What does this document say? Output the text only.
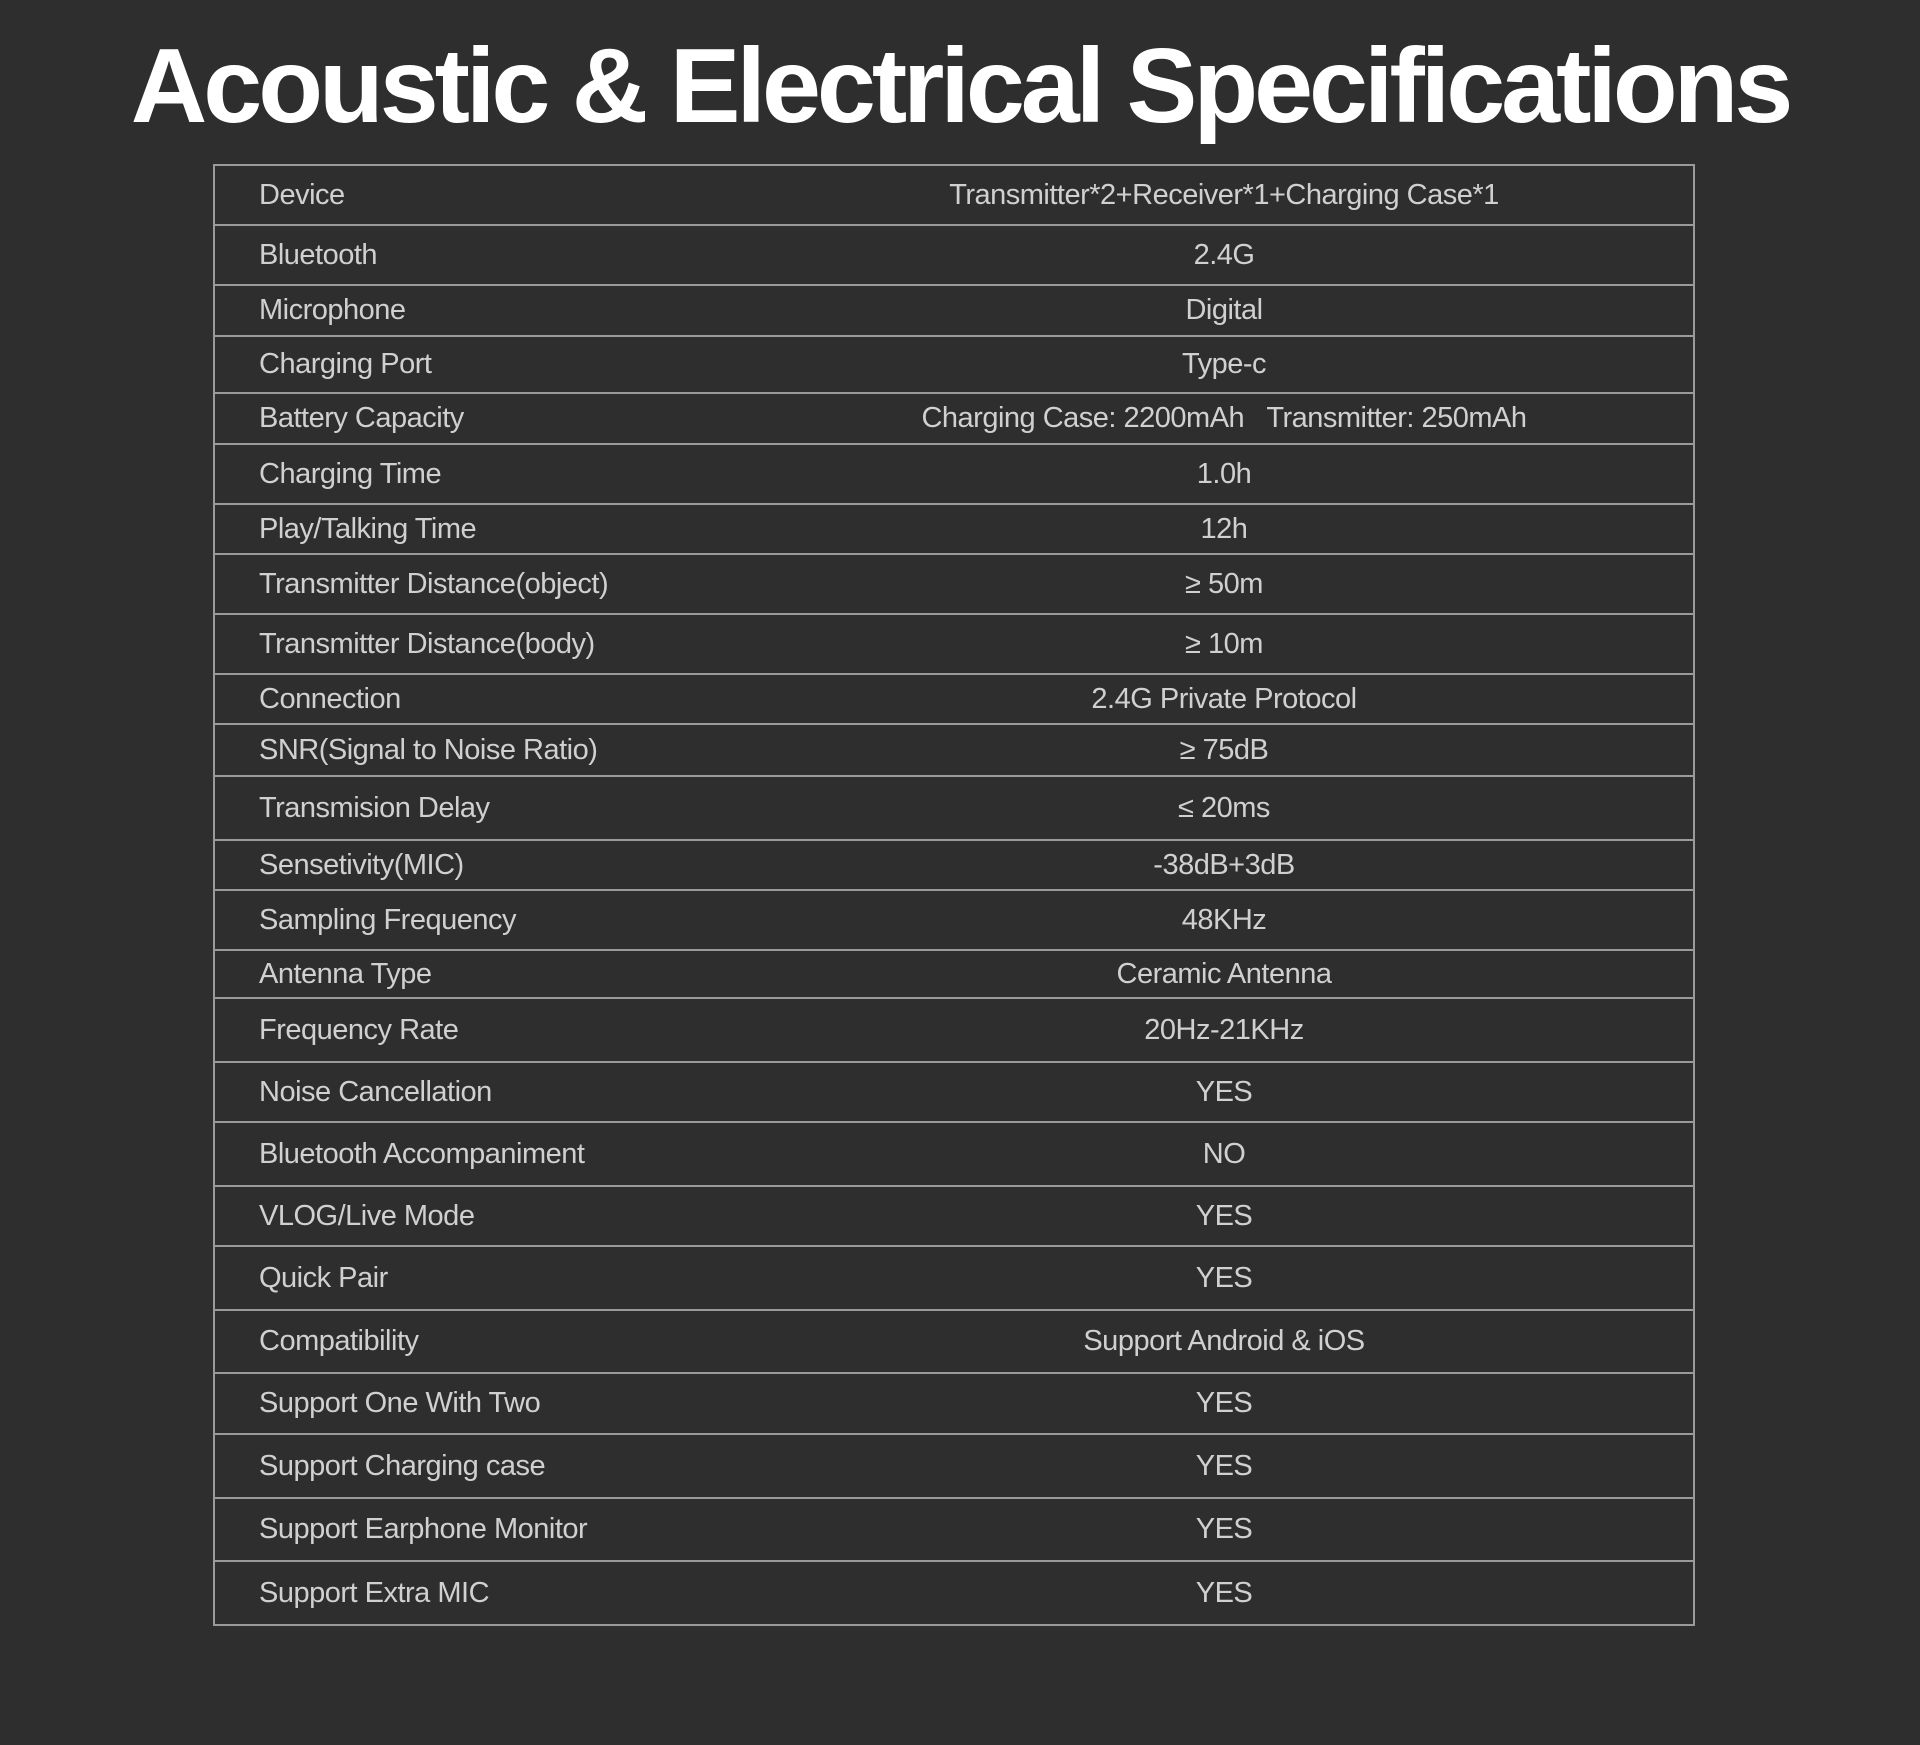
Acoustic & Electrical Specifications
Device	Transmitter*2+Receiver*1+Charging Case*1
Bluetooth	2.4G
Microphone	Digital
Charging Port	Type-c
Battery Capacity	Charging Case: 2200mAh   Transmitter: 250mAh
Charging Time	1.0h
Play/Talking Time	12h
Transmitter Distance(object)	≥ 50m
Transmitter Distance(body)	≥ 10m
Connection	2.4G Private Protocol
SNR(Signal to Noise Ratio)	≥ 75dB
Transmision Delay	≤ 20ms
Sensetivity(MIC)	-38dB+3dB
Sampling Frequency	48KHz
Antenna Type	Ceramic Antenna
Frequency Rate	20Hz-21KHz
Noise Cancellation	YES
Bluetooth Accompaniment	NO
VLOG/Live Mode	YES
Quick Pair	YES
Compatibility	Support Android & iOS
Support One With Two	YES
Support Charging case	YES
Support Earphone Monitor	YES
Support Extra MIC	YES
